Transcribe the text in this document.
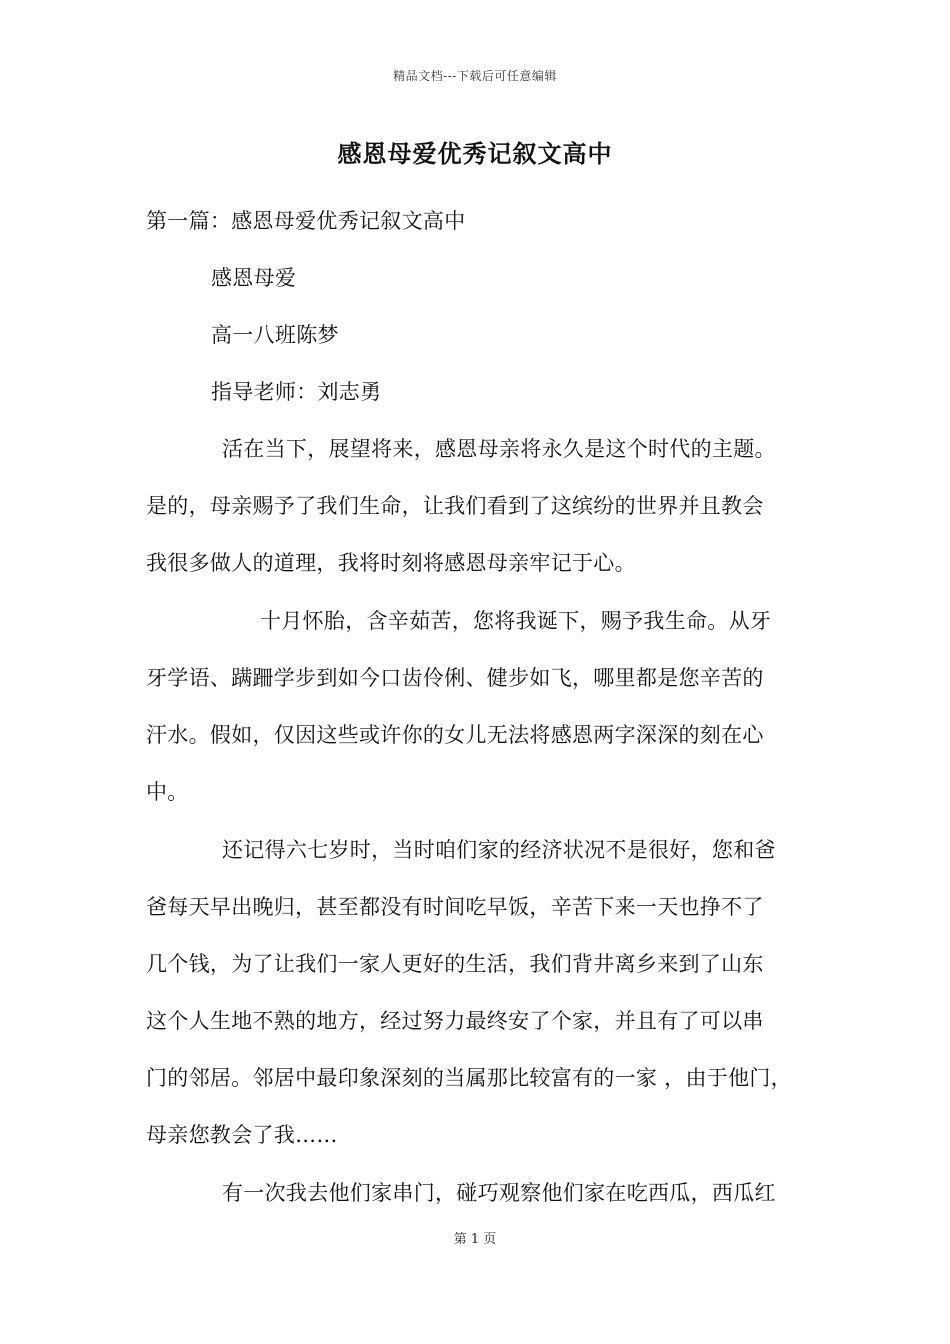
精品文档---下载后可任意编辑
感恩母爱优秀记叙文高中
第一篇：感恩母爱优秀记叙文高中
感恩母爱
高一八班陈梦
指导老师：刘志勇
活在当下，展望将来，感恩母亲将永久是这个时代的主题。
是的，母亲赐予了我们生命，让我们看到了这缤纷的世界并且教会
我很多做人的道理，我将时刻将感恩母亲牢记于心。
十月怀胎，含辛茹苦，您将我诞下，赐予我生命。从牙
牙学语、蹒跚学步到如今口齿伶俐、健步如飞，哪里都是您辛苦的
汗水。假如，仅因这些或许你的女儿无法将感恩两字深深的刻在心
中。
还记得六七岁时，当时咱们家的经济状况不是很好，您和爸
爸每天早出晚归，甚至都没有时间吃早饭，辛苦下来一天也挣不了
几个钱，为了让我们一家人更好的生活，我们背井离乡来到了山东
这个人生地不熟的地方，经过努力最终安了个家，并且有了可以串
门的邻居。邻居中最印象深刻的当属那比较富有的一家 ，由于他门，
母亲您教会了我……
有一次我去他们家串门，碰巧观察他们家在吃西瓜，西瓜红
第 1 页
